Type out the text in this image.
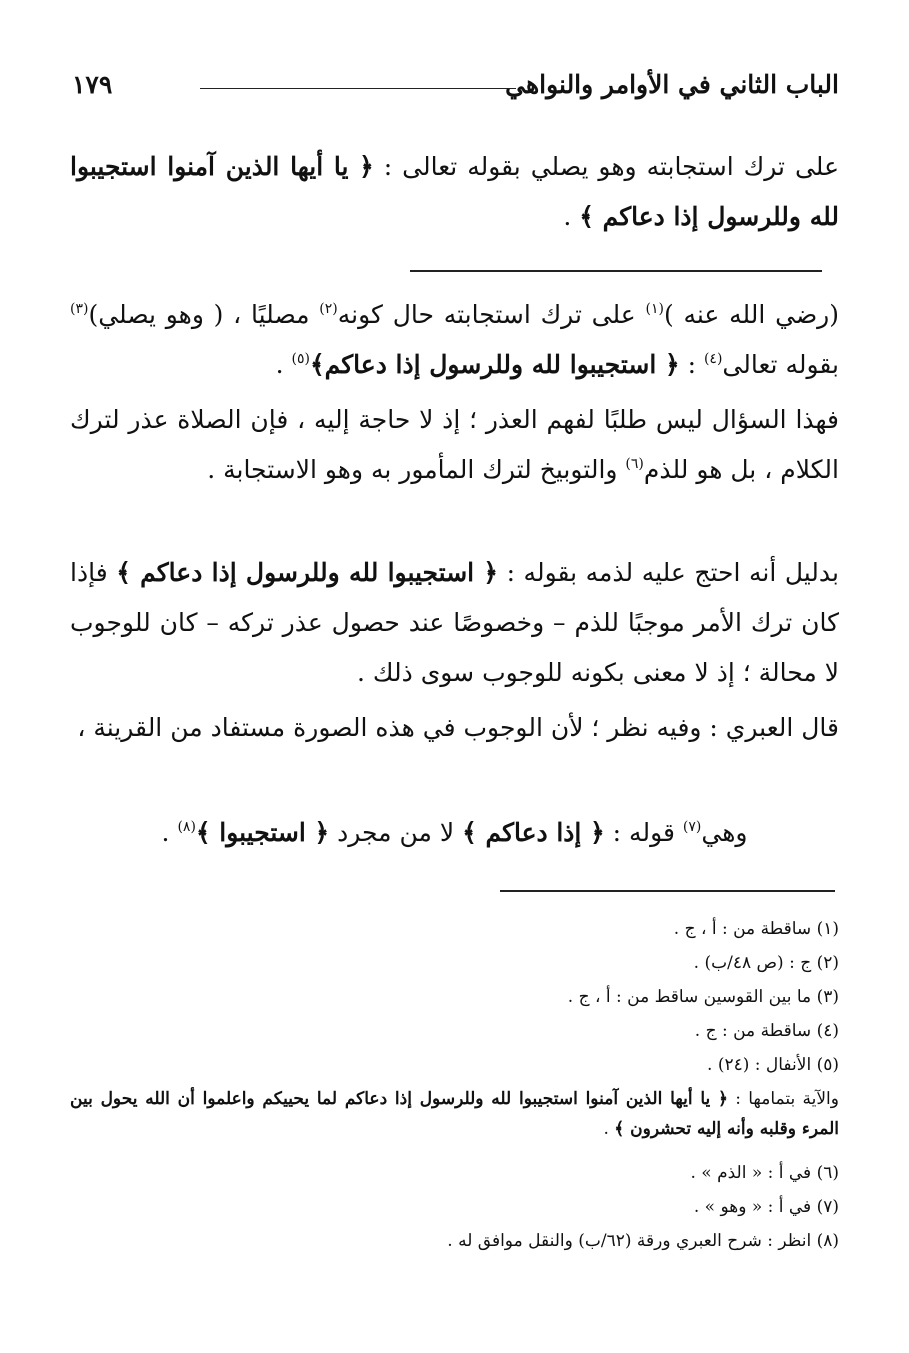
الباب الثاني في الأوامر والنواهي
١٧٩

على ترك استجابته وهو يصلي بقوله تعالى : ﴿ يا أيها الذين آمنوا استجيبوا لله وللرسول إذا دعاكم ﴾ .

(رضي الله عنه )$^{(١)}$ على ترك استجابته حال كونه$^{(٢)}$ مصليًا ، ( وهو يصلي)$^{(٣)}$ بقوله تعالى$^{(٤)}$ : ﴿ استجيبوا لله وللرسول إذا دعاكم﴾$^{(٥)}$ .

فهذا السؤال ليس طلبًا لفهم العذر ؛ إذ لا حاجة إليه ، فإن الصلاة عذر لترك الكلام ، بل هو للذم$^{(٦)}$ والتوبيخ لترك المأمور به وهو الاستجابة .

بدليل أنه احتج عليه لذمه بقوله : ﴿ استجيبوا لله وللرسول إذا دعاكم ﴾ فإذا كان ترك الأمر موجبًا للذم – وخصوصًا عند حصول عذر تركه – كان للوجوب لا محالة ؛ إذ لا معنى بكونه للوجوب سوى ذلك .

قال العبري : وفيه نظر ؛ لأن الوجوب في هذه الصورة مستفاد من القرينة ،

وهي$^{(٧)}$ قوله : ﴿ إذا دعاكم ﴾ لا من مجرد ﴿ استجيبوا ﴾$^{(٨)}$ .

(١) ساقطة من : أ ، ج .

(٢) ج : (ص ٤٨/ب) .

(٣) ما بين القوسين ساقط من : أ ، ج .

(٤) ساقطة من : ج .

(٥) الأنفال : (٢٤) .

والآية بتمامها : ﴿ يا أيها الذين آمنوا استجيبوا لله وللرسول إذا دعاكم لما يحييكم واعلموا أن الله يحول بين المرء وقلبه وأنه إليه تحشرون ﴾ .

(٦) في أ : « الذم » .

(٧) في أ : « وهو » .

(٨) انظر : شرح العبري ورقة (٦٢/ب) والنقل موافق له .
